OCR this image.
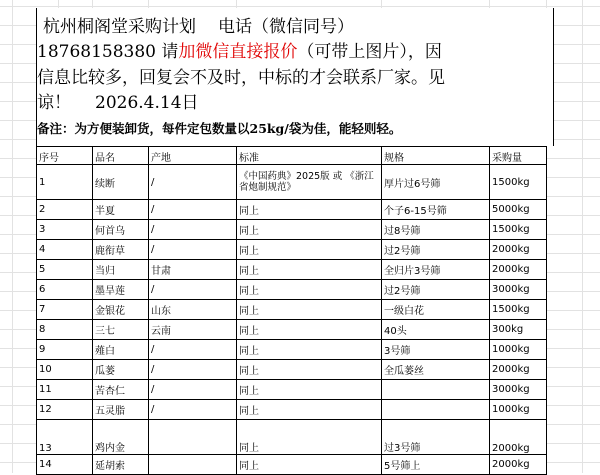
杭州桐阁堂采购计划 电话（微信同号）
18768158380 请加微信直接报价（可带上图片），因
信息比较多，回复会不及时，中标的才会联系厂家。见
谅！ 2026.4.14日
备注：为方便装卸货，每件定包数量以25kg/袋为佳，能轻则轻。
序号	品名	产地	标准	规格	采购量
1	续断	/	《中国药典》2025版 或 《浙江省炮制规范》	厚片过6号筛	1500kg
2	半夏	/	同上	个子6-15号筛	5000kg
3	何首乌	/	同上	过8号筛	1500kg
4	鹿衔草	/	同上	过2号筛	2000kg
5	当归	甘肃	同上	全归片3号筛	2000kg
6	墨旱莲	/	同上	过2号筛	3000kg
7	金银花	山东	同上	一级白花	1500kg
8	三七	云南	同上	40头	300kg
9	薤白	/	同上	3号筛	1000kg
10	瓜蒌	/	同上	全瓜蒌丝	2000kg
11	苦杏仁	/	同上		3000kg
12	五灵脂	/	同上		1000kg
13	鸡内金		同上	过3号筛	2000kg
14	延胡索		同上	5号筛上	2000kg
